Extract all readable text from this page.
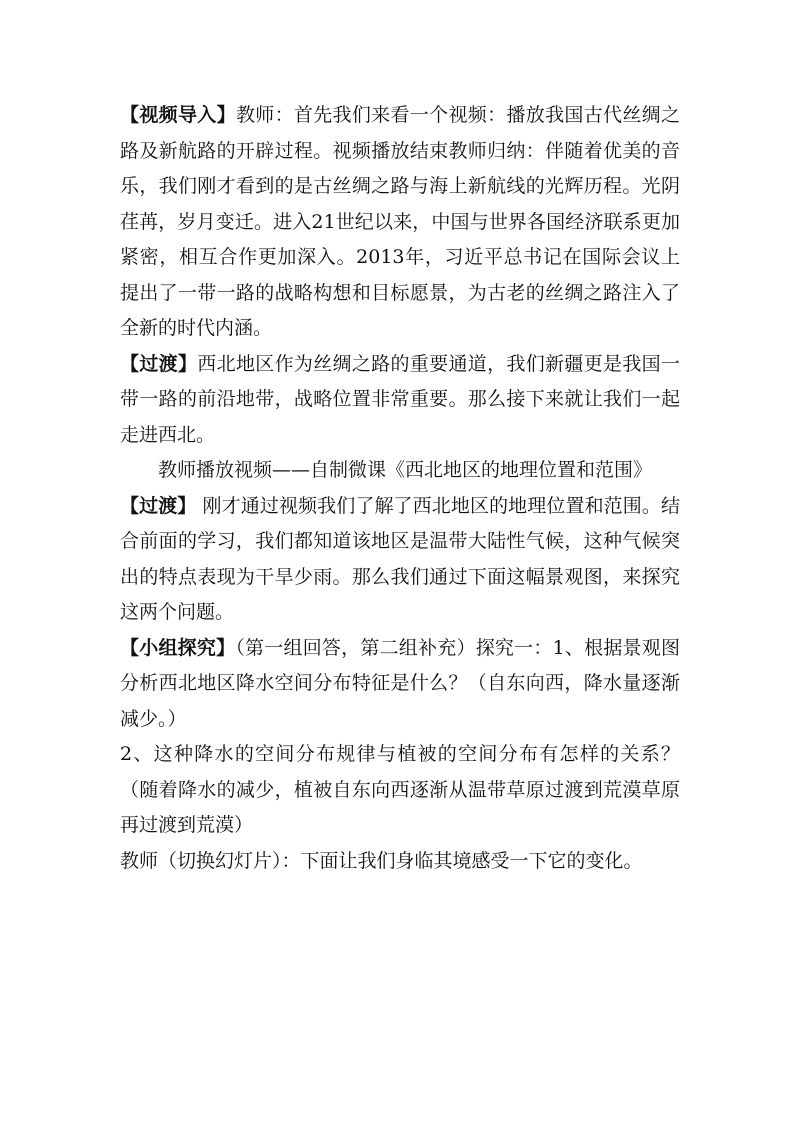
【视频导入】教师：首先我们来看一个视频：播放我国古代丝绸之路及新航路的开辟过程。视频播放结束教师归纳：伴随着优美的音乐，我们刚才看到的是古丝绸之路与海上新航线的光辉历程。光阴荏苒，岁月变迁。进入21世纪以来，中国与世界各国经济联系更加紧密，相互合作更加深入。2013年，习近平总书记在国际会议上提出了一带一路的战略构想和目标愿景，为古老的丝绸之路注入了全新的时代内涵。

【过渡】西北地区作为丝绸之路的重要通道，我们新疆更是我国一带一路的前沿地带，战略位置非常重要。那么接下来就让我们一起走进西北。

教师播放视频——自制微课《西北地区的地理位置和范围》

【过渡】 刚才通过视频我们了解了西北地区的地理位置和范围。结合前面的学习，我们都知道该地区是温带大陆性气候，这种气候突出的特点表现为干旱少雨。那么我们通过下面这幅景观图，来探究这两个问题。

【小组探究】（第一组回答，第二组补充）探究一：1、根据景观图分析西北地区降水空间分布特征是什么？（自东向西，降水量逐渐减少。）

2、这种降水的空间分布规律与植被的空间分布有怎样的关系？（随着降水的减少，植被自东向西逐渐从温带草原过渡到荒漠草原再过渡到荒漠）

教师（切换幻灯片）：下面让我们身临其境感受一下它的变化。
